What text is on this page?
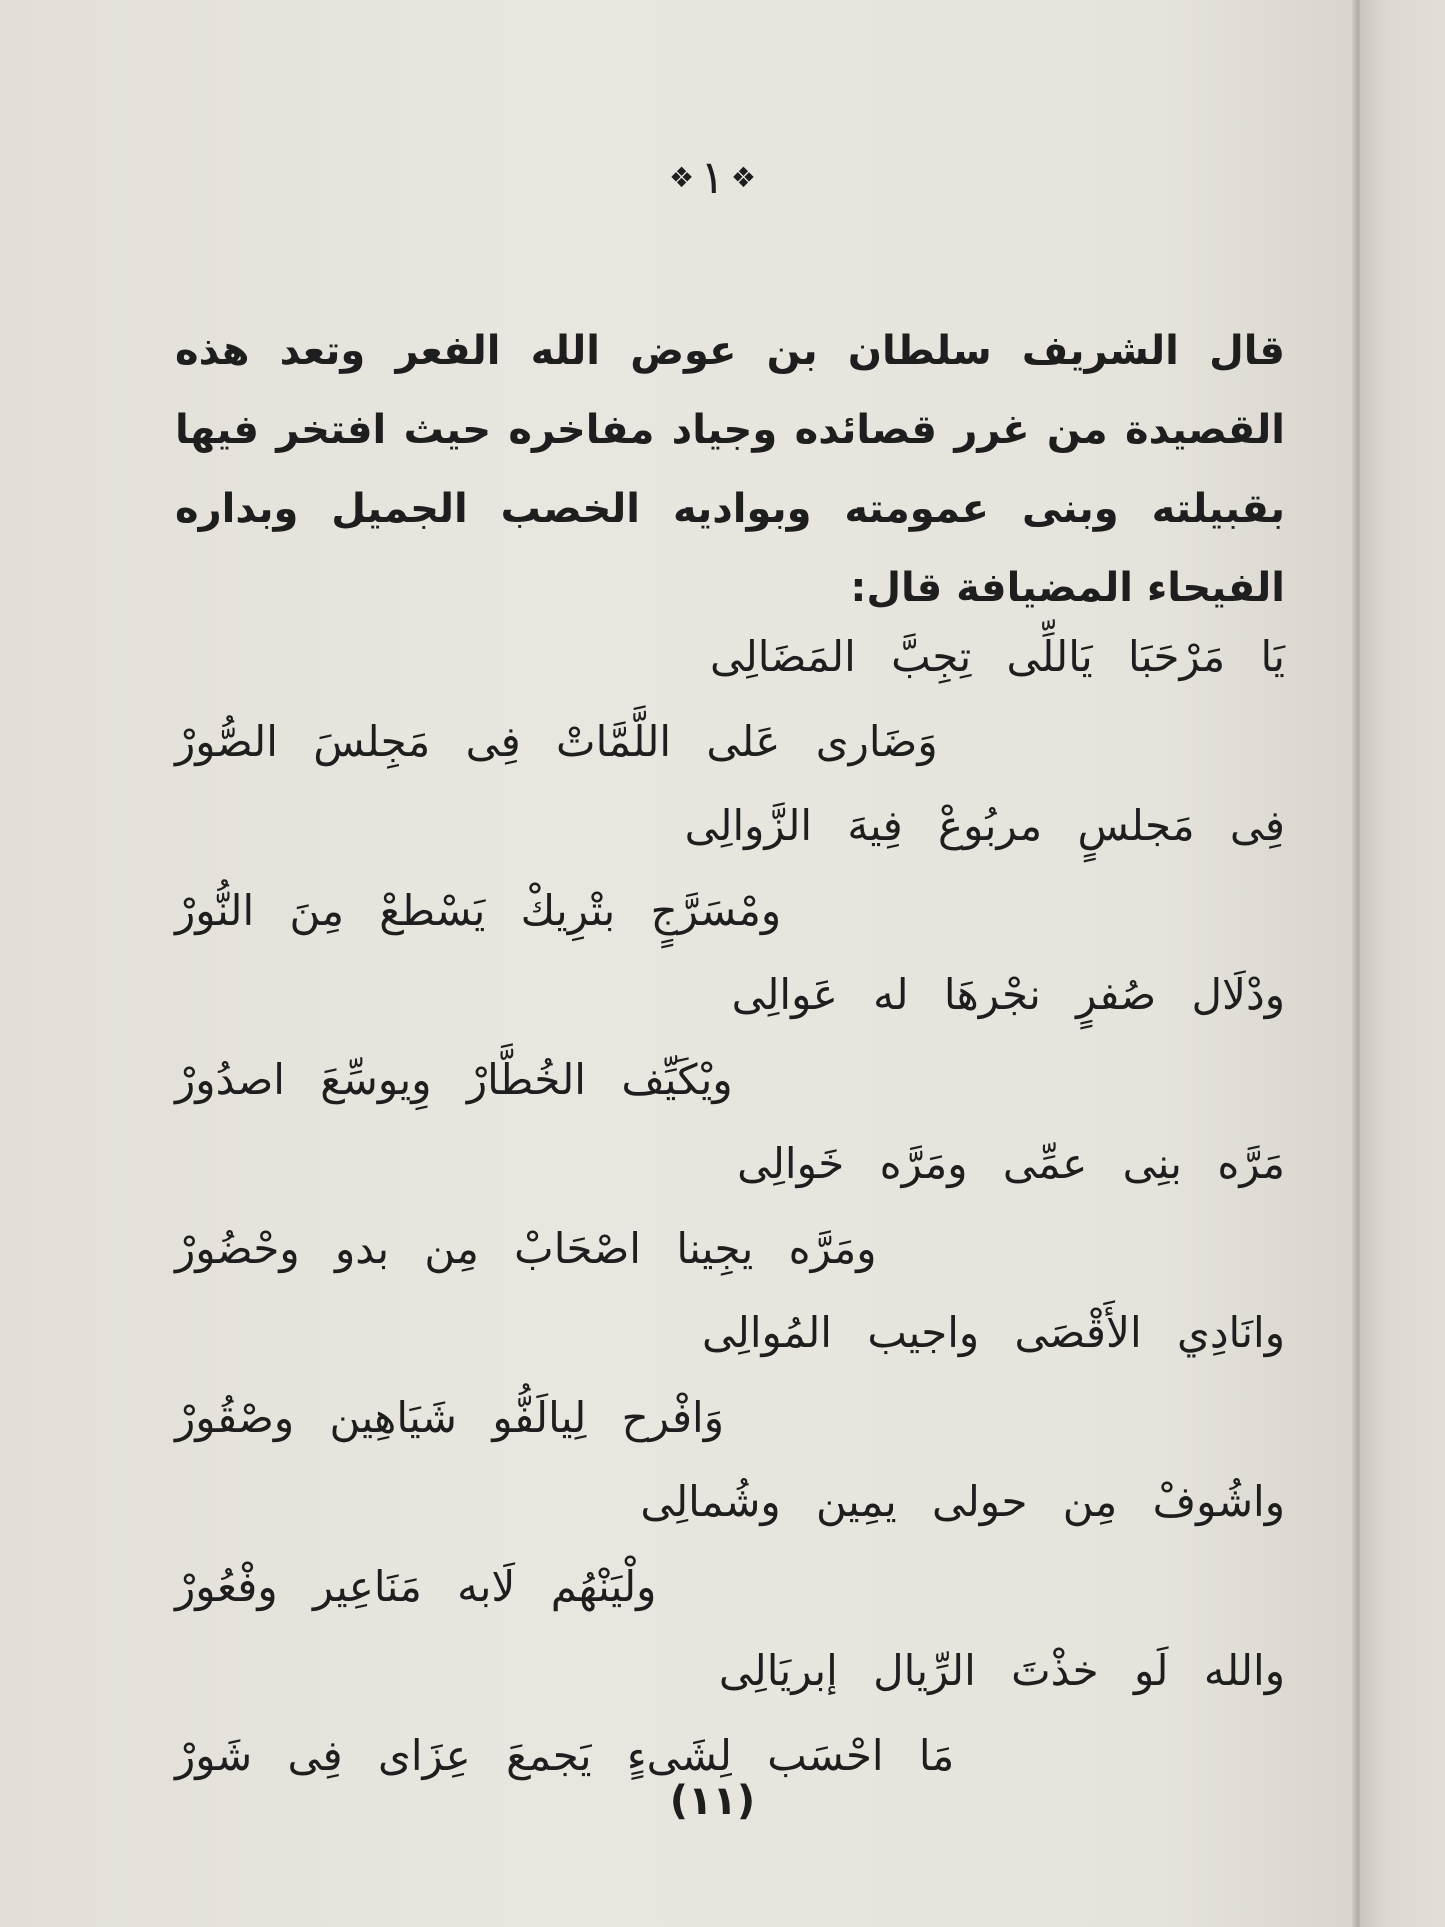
❖ ١ ❖

قال الشريف سلطان بن عوض الله الفعر وتعد هذه القصيدة من غرر قصائده وجياد مفاخره حيث افتخر فيها بقبيلته وبنى عمومته وبواديه الخصب الجميل وبداره الفيحاء المضيافة قال:

يَا مَرْحَبَا يَاللِّى تِجِبَّ المَضَالِى
وَضَارى عَلى اللَّمَّاتْ فِى مَجِلسَ الصُّورْ
فِى مَجلسٍ مربُوعْ فِيهَ الزَّوالِى
ومْسَرَّجٍ بتْرِيكْ يَسْطعْ مِنَ النُّورْ
ودْلَال صُفرٍ نجْرهَا له عَوالِى
ويْكَيِّف الخُطَّارْ وِيوسِّعَ اصدُورْ
مَرَّه بنِى عمِّى ومَرَّه خَوالِى
ومَرَّه يجِينا اصْحَابْ مِن بدو وحْضُورْ
وانَادِي الأَقْصَى واجيب المُوالِى
وَافْرح لِيالَفُّو شَيَاهِين وصْقُورْ
واشُوفْ مِن حولى يمِين وشُمالِى
ولْيَنْهُم لَابه مَنَاعِير وفْعُورْ
والله لَو خذْتَ الرِّيال إبريَالِى
مَا احْسَب لِشَىءٍ يَجمعَ عِزَاى فِى شَورْ
(١١)
